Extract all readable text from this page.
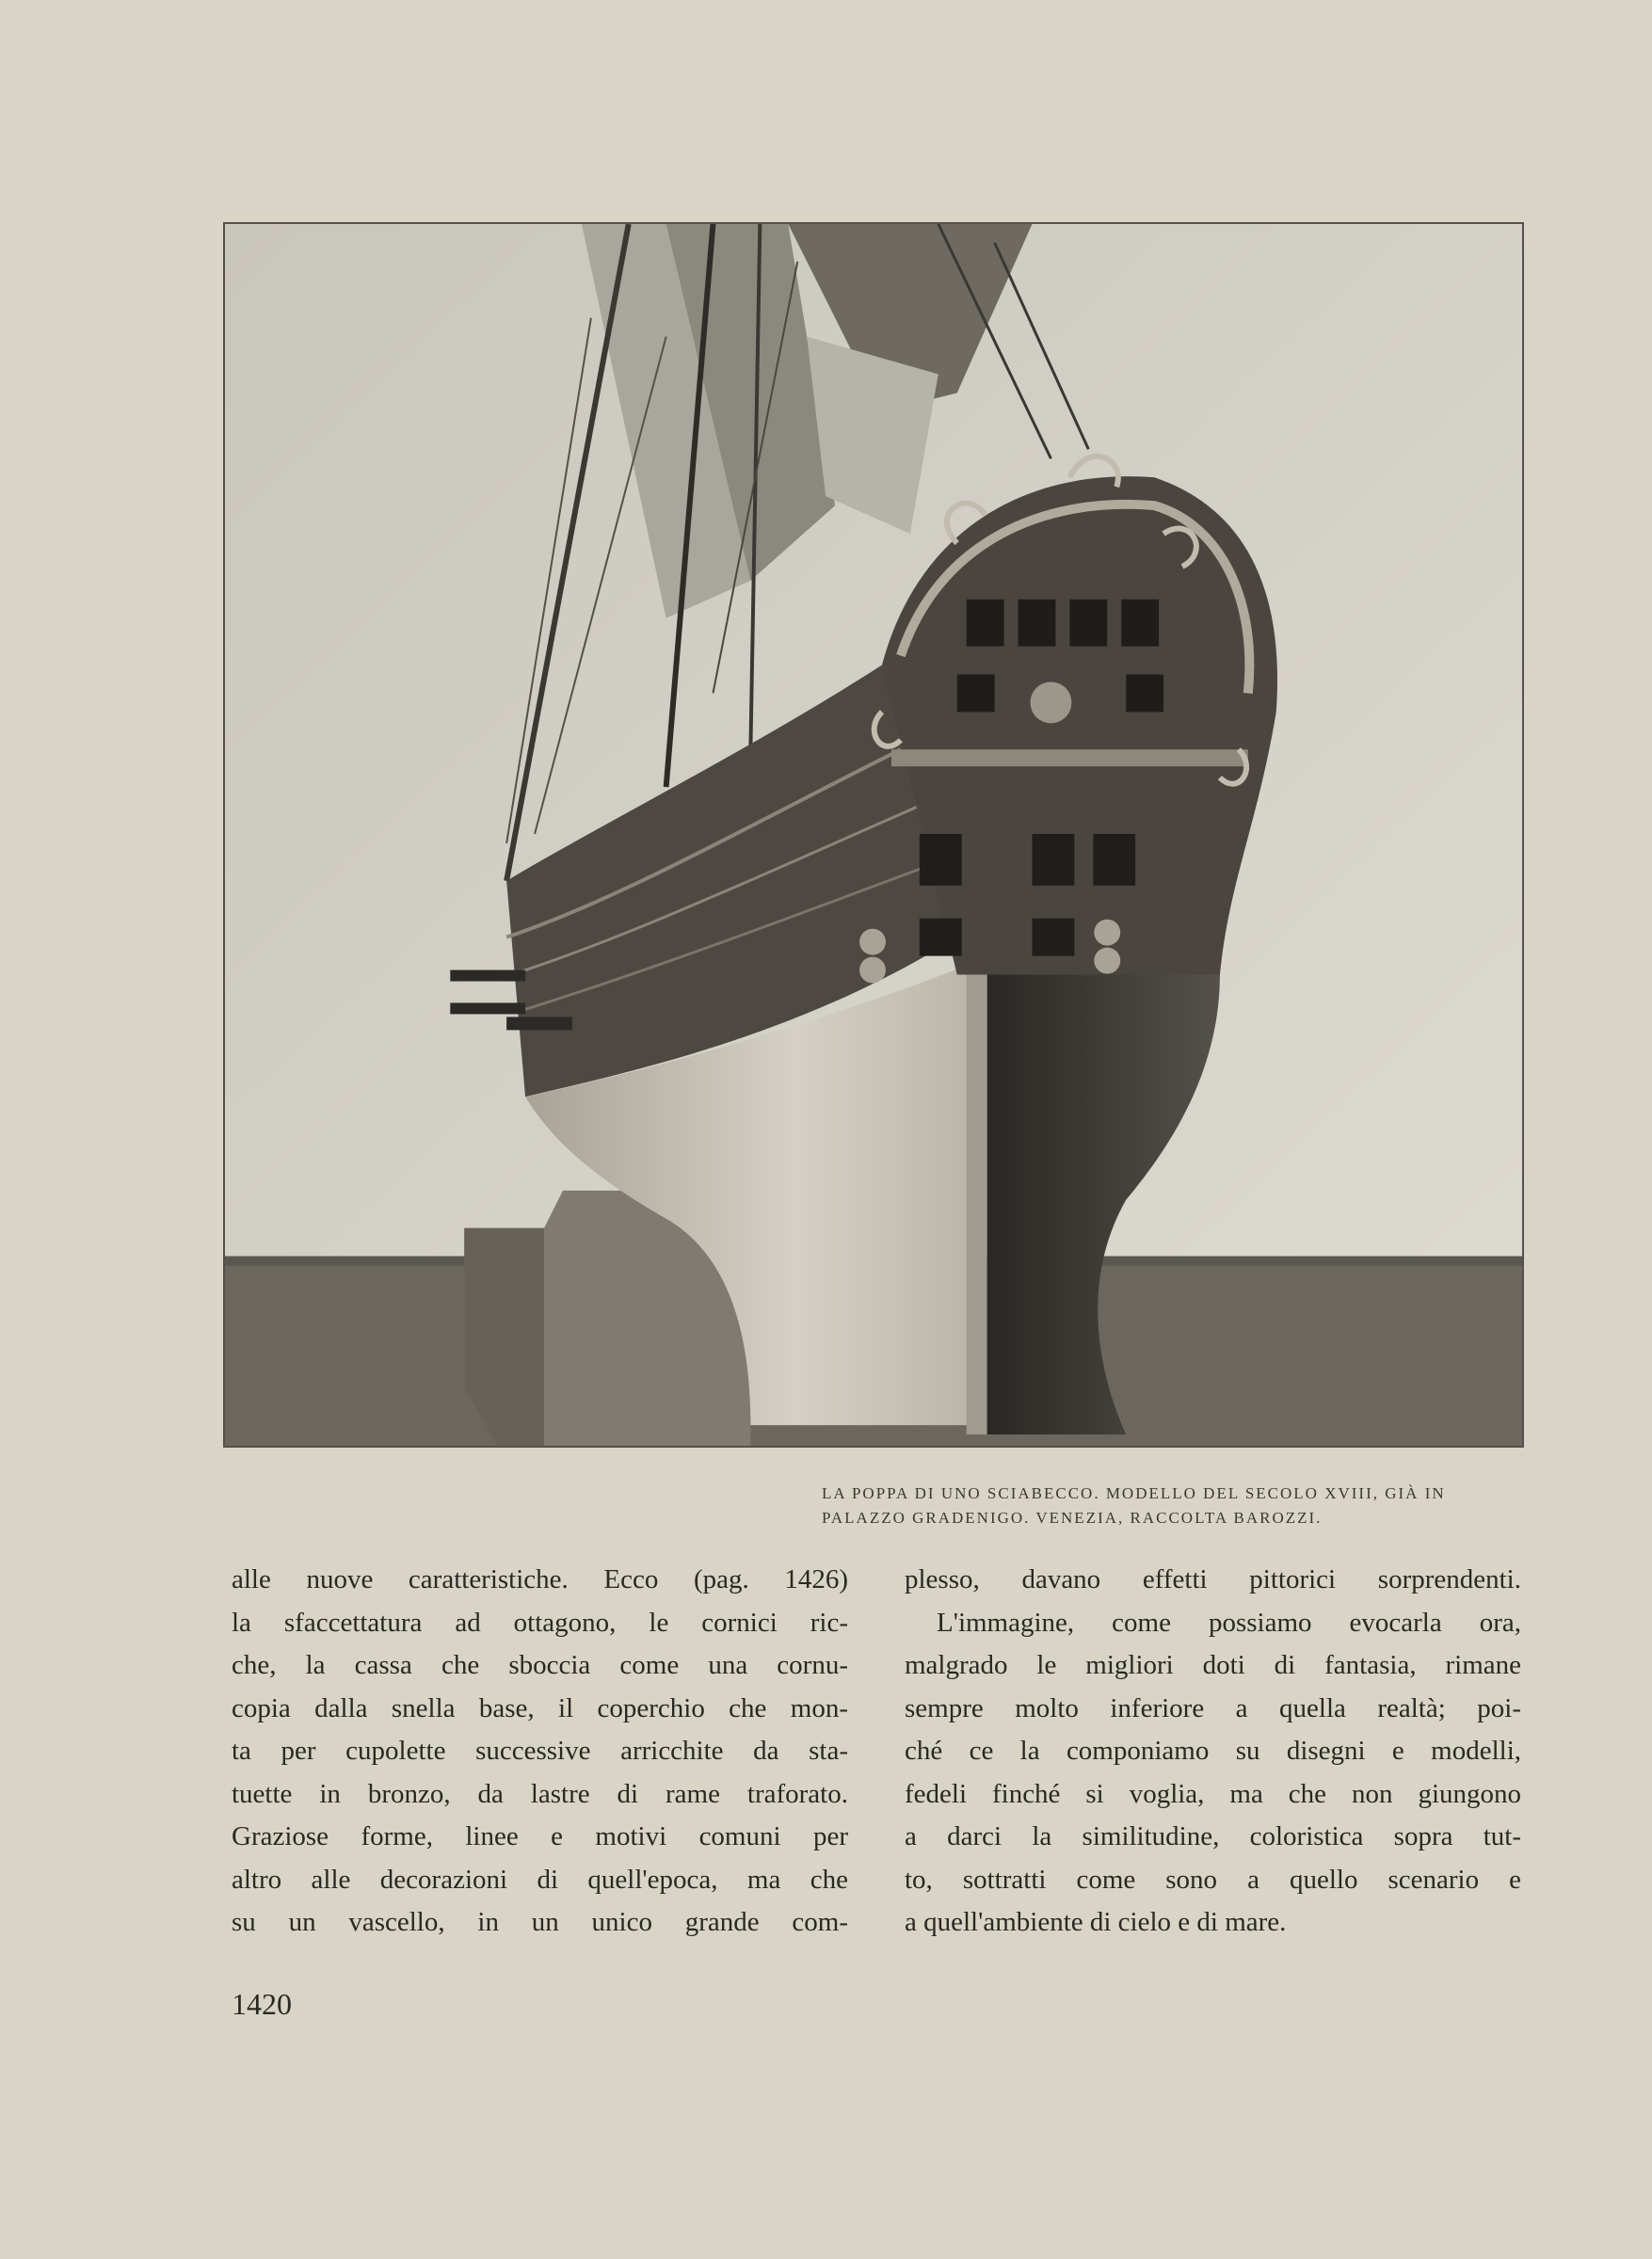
LA POPPA DI UNO SCIABECCO. MODELLO DEL SECOLO XVIII, GIÀ IN
PALAZZO GRADENIGO. VENEZIA, RACCOLTA BAROZZI.
alle nuove caratteristiche. Ecco (pag. 1426)
la sfaccettatura ad ottagono, le cornici ric-
che, la cassa che sboccia come una cornu-
copia dalla snella base, il coperchio che mon-
ta per cupolette successive arricchite da sta-
tuette in bronzo, da lastre di rame traforato.
Graziose forme, linee e motivi comuni per
altro alle decorazioni di quell'epoca, ma che
su un vascello, in un unico grande com-
plesso, davano effetti pittorici sorprendenti.
L'immagine, come possiamo evocarla ora,
malgrado le migliori doti di fantasia, rimane
sempre molto inferiore a quella realtà; poi-
ché ce la componiamo su disegni e modelli,
fedeli finché si voglia, ma che non giungono
a darci la similitudine, coloristica sopra tut-
to, sottratti come sono a quello scenario e
a quell'ambiente di cielo e di mare.
1420
